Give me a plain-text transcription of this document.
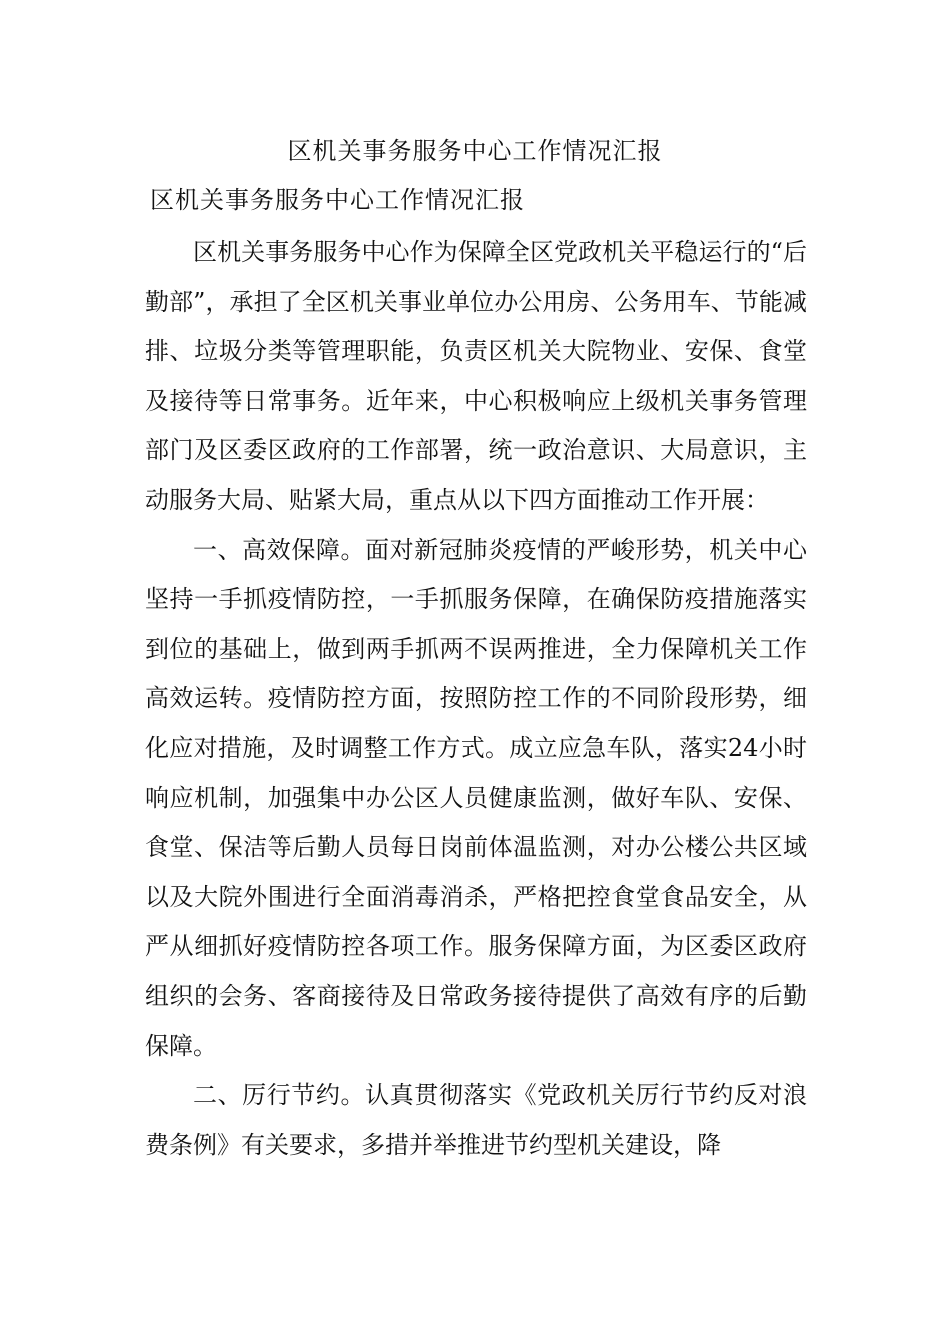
区机关事务服务中心工作情况汇报
区机关事务服务中心工作情况汇报

区机关事务服务中心作为保障全区党政机关平稳运行的“后勤部”，承担了全区机关事业单位办公用房、公务用车、节能减排、垃圾分类等管理职能，负责区机关大院物业、安保、食堂及接待等日常事务。近年来，中心积极响应上级机关事务管理部门及区委区政府的工作部署，统一政治意识、大局意识，主动服务大局、贴紧大局，重点从以下四方面推动工作开展：

一、高效保障。面对新冠肺炎疫情的严峻形势，机关中心坚持一手抓疫情防控，一手抓服务保障，在确保防疫措施落实到位的基础上，做到两手抓两不误两推进，全力保障机关工作高效运转。疫情防控方面，按照防控工作的不同阶段形势，细化应对措施，及时调整工作方式。成立应急车队，落实24小时响应机制，加强集中办公区人员健康监测，做好车队、安保、食堂、保洁等后勤人员每日岗前体温监测，对办公楼公共区域以及大院外围进行全面消毒消杀，严格把控食堂食品安全，从严从细抓好疫情防控各项工作。服务保障方面，为区委区政府组织的会务、客商接待及日常政务接待提供了高效有序的后勤保障。

二、厉行节约。认真贯彻落实《党政机关厉行节约反对浪费条例》有关要求，多措并举推进节约型机关建设，降
